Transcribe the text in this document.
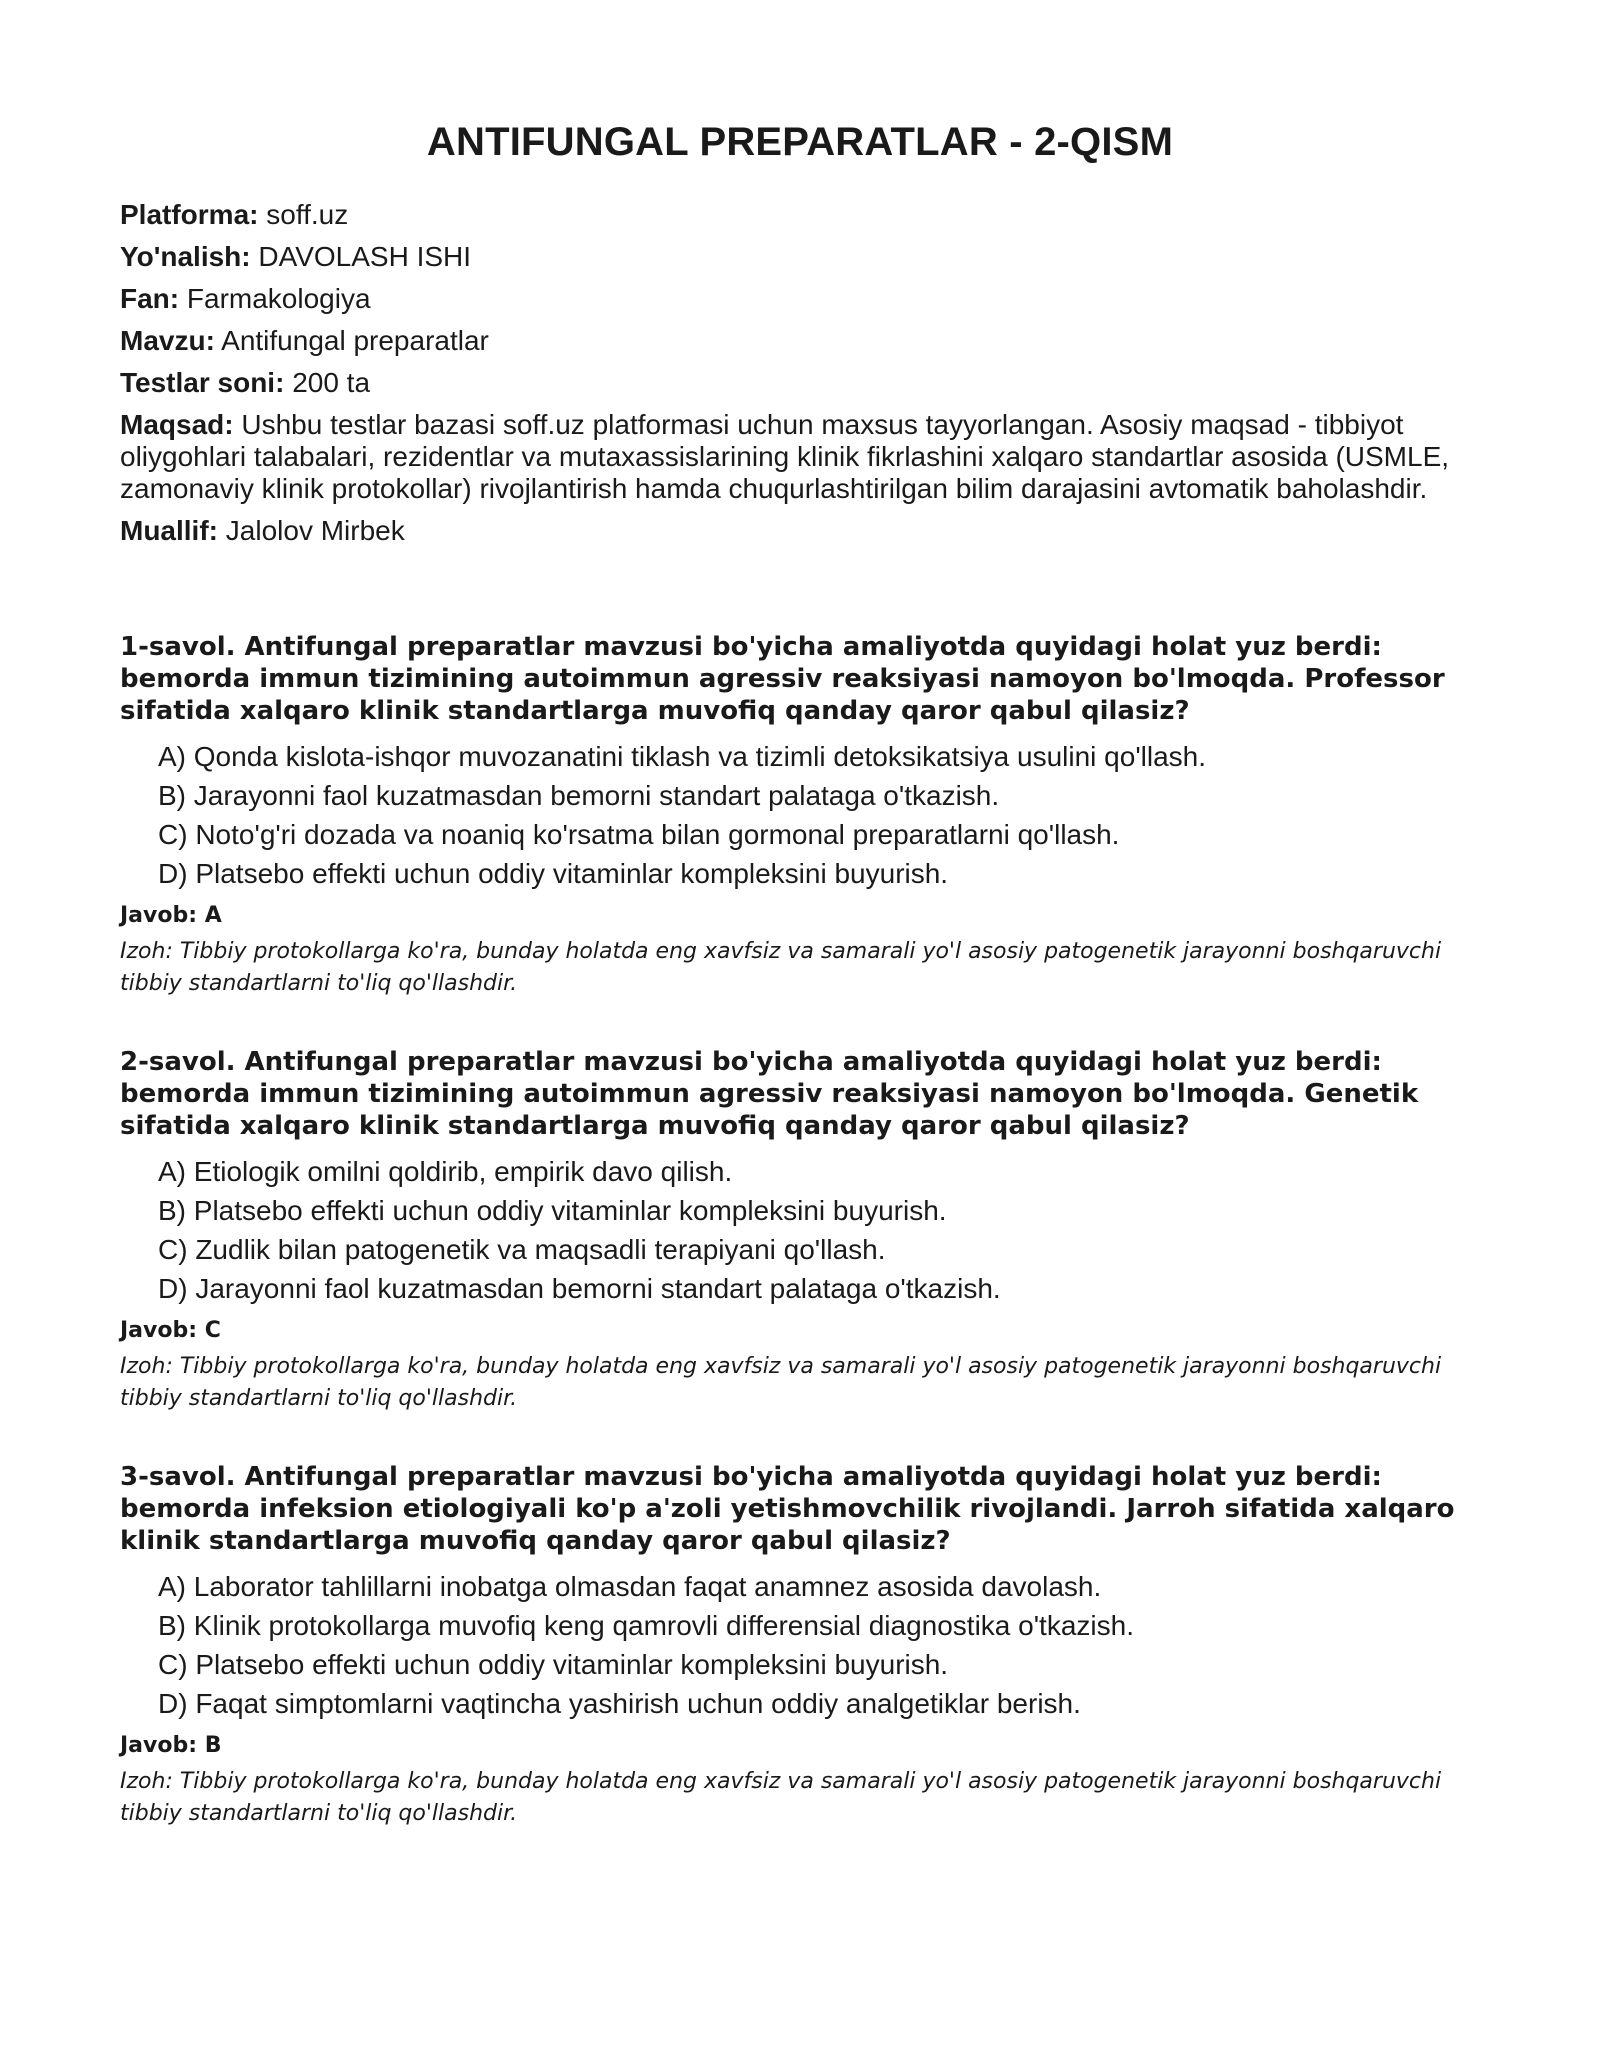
ANTIFUNGAL PREPARATLAR - 2-QISM

Platforma: soff.uz

Yo'nalish: DAVOLASH ISHI

Fan: Farmakologiya

Mavzu: Antifungal preparatlar

Testlar soni: 200 ta

Maqsad: Ushbu testlar bazasi soff.uz platformasi uchun maxsus tayyorlangan. Asosiy maqsad - tibbiyot oliygohlari talabalari, rezidentlar va mutaxassislarining klinik fikrlashini xalqaro standartlar asosida (USMLE, zamonaviy klinik protokollar) rivojlantirish hamda chuqurlashtirilgan bilim darajasini avtomatik baholashdir.

Muallif: Jalolov Mirbek

1-savol. Antifungal preparatlar mavzusi bo'yicha amaliyotda quyidagi holat yuz berdi: bemorda immun tizimining autoimmun agressiv reaksiyasi namoyon bo'lmoqda. Professor sifatida xalqaro klinik standartlarga muvofiq qanday qaror qabul qilasiz?

A) Qonda kislota-ishqor muvozanatini tiklash va tizimli detoksikatsiya usulini qo'llash.
B) Jarayonni faol kuzatmasdan bemorni standart palataga o'tkazish.
C) Noto'g'ri dozada va noaniq ko'rsatma bilan gormonal preparatlarni qo'llash.
D) Platsebo effekti uchun oddiy vitaminlar kompleksini buyurish.

Javob: A

Izoh: Tibbiy protokollarga ko'ra, bunday holatda eng xavfsiz va samarali yo'l asosiy patogenetik jarayonni boshqaruvchi tibbiy standartlarni to'liq qo'llashdir.

2-savol. Antifungal preparatlar mavzusi bo'yicha amaliyotda quyidagi holat yuz berdi: bemorda immun tizimining autoimmun agressiv reaksiyasi namoyon bo'lmoqda. Genetik sifatida xalqaro klinik standartlarga muvofiq qanday qaror qabul qilasiz?

A) Etiologik omilni qoldirib, empirik davo qilish.
B) Platsebo effekti uchun oddiy vitaminlar kompleksini buyurish.
C) Zudlik bilan patogenetik va maqsadli terapiyani qo'llash.
D) Jarayonni faol kuzatmasdan bemorni standart palataga o'tkazish.

Javob: C

Izoh: Tibbiy protokollarga ko'ra, bunday holatda eng xavfsiz va samarali yo'l asosiy patogenetik jarayonni boshqaruvchi tibbiy standartlarni to'liq qo'llashdir.

3-savol. Antifungal preparatlar mavzusi bo'yicha amaliyotda quyidagi holat yuz berdi: bemorda infeksion etiologiyali ko'p a'zoli yetishmovchilik rivojlandi. Jarroh sifatida xalqaro klinik standartlarga muvofiq qanday qaror qabul qilasiz?

A) Laborator tahlillarni inobatga olmasdan faqat anamnez asosida davolash.
B) Klinik protokollarga muvofiq keng qamrovli differensial diagnostika o'tkazish.
C) Platsebo effekti uchun oddiy vitaminlar kompleksini buyurish.
D) Faqat simptomlarni vaqtincha yashirish uchun oddiy analgetiklar berish.

Javob: B

Izoh: Tibbiy protokollarga ko'ra, bunday holatda eng xavfsiz va samarali yo'l asosiy patogenetik jarayonni boshqaruvchi tibbiy standartlarni to'liq qo'llashdir.
